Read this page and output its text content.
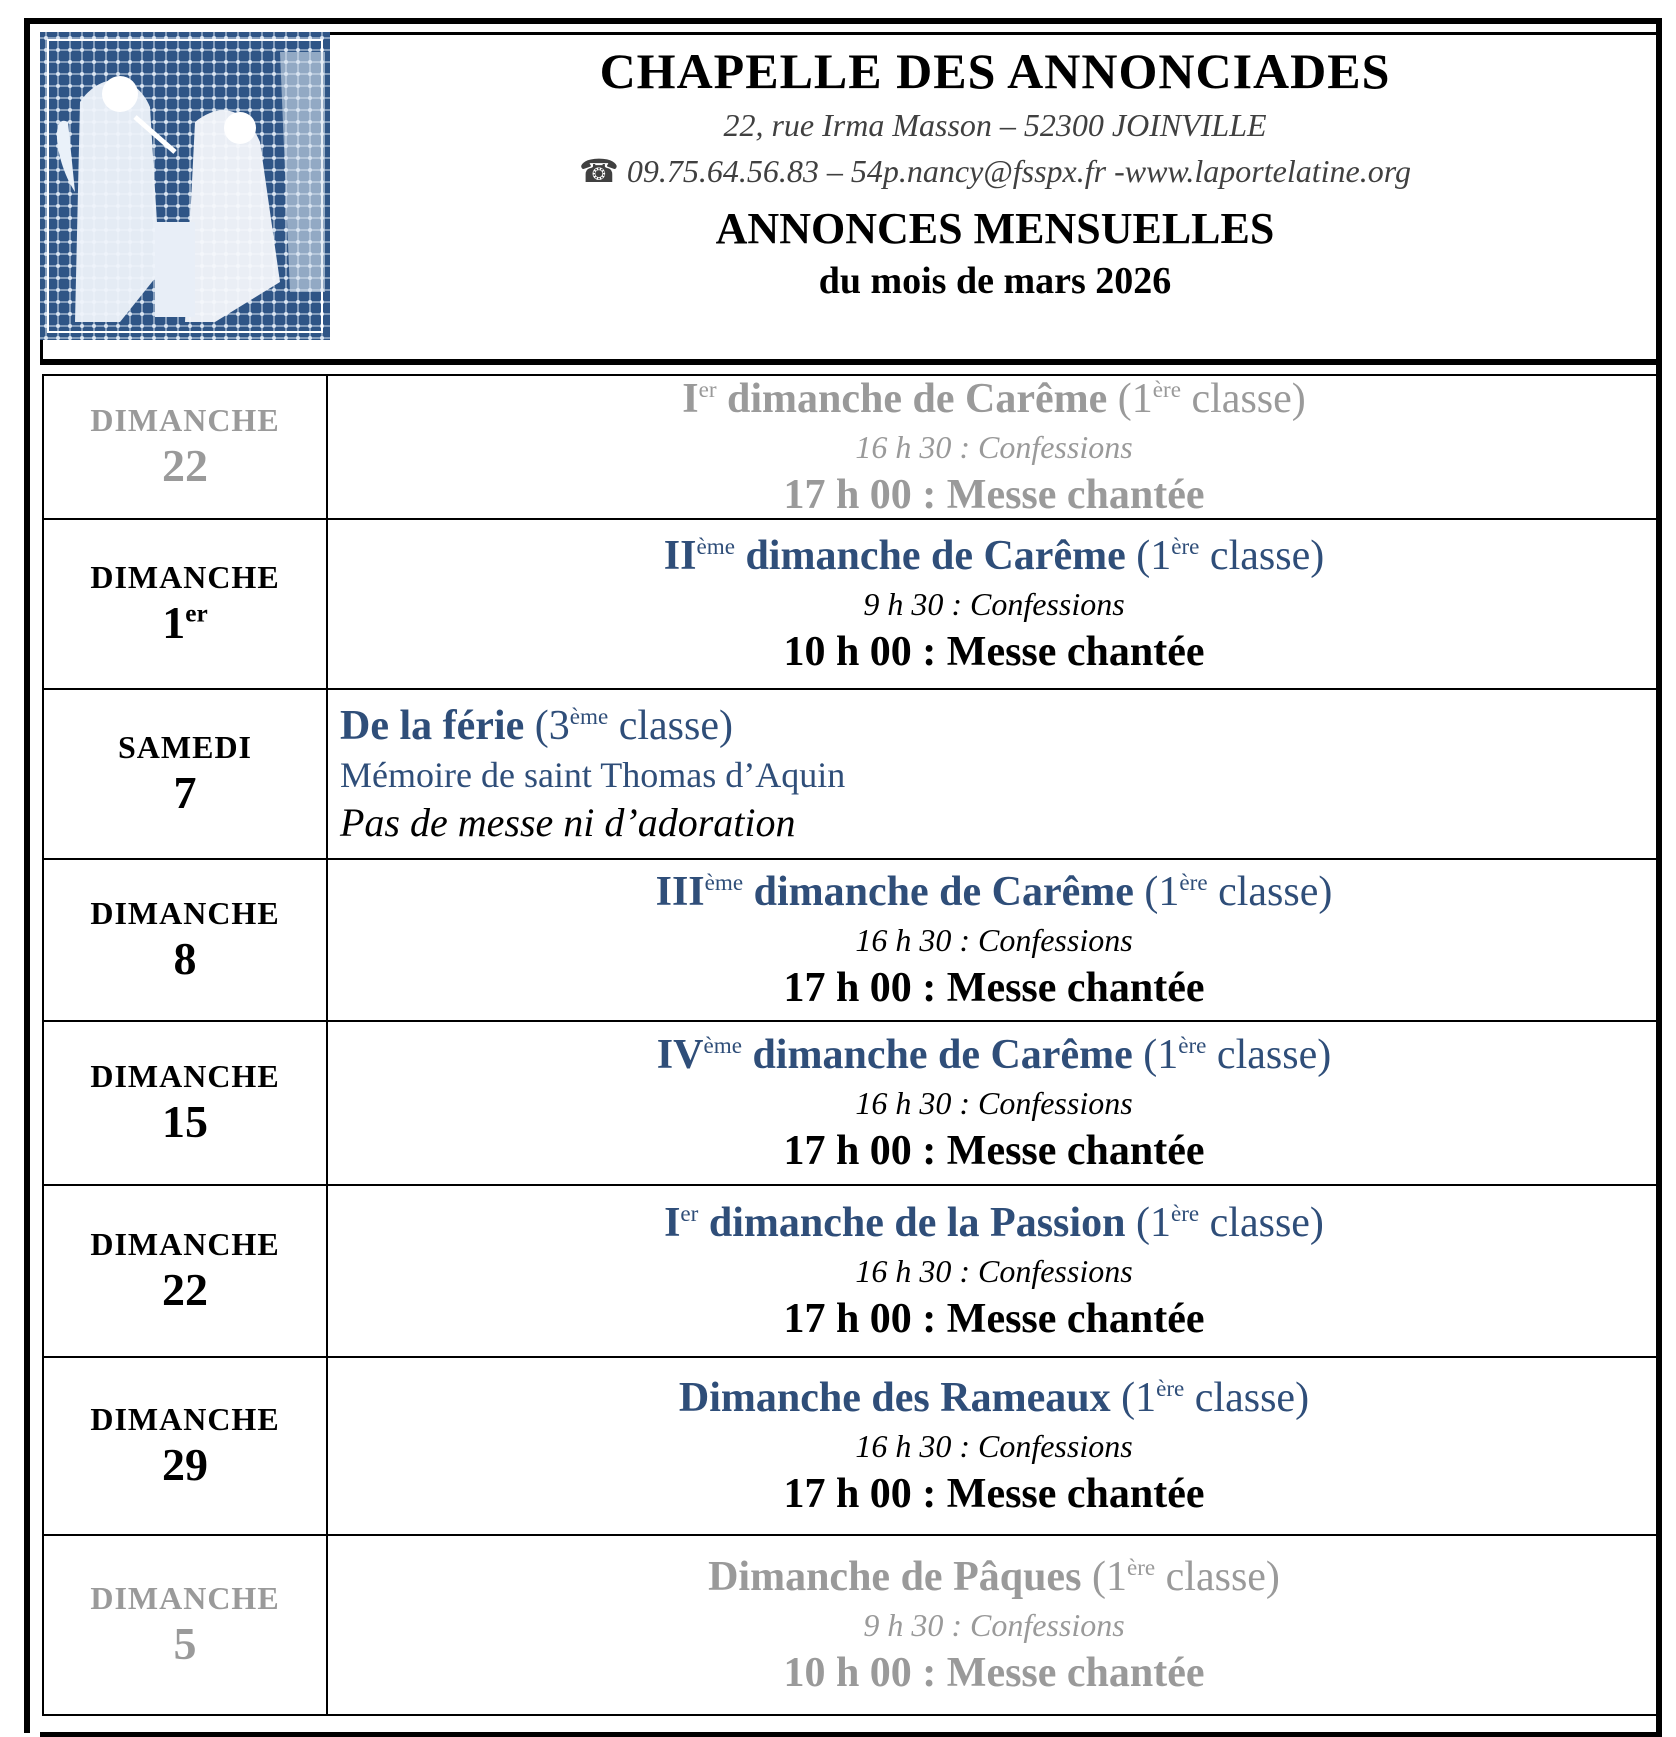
CHAPELLE DES ANNONCIADES
22, rue Irma Masson – 52300 JOINVILLE
☎ 09.75.64.56.83 – 54p.nancy@fsspx.fr -www.laportelatine.org
ANNONCES MENSUELLES
du mois de mars 2026
DIMANCHE
22
Ier dimanche de Carême (1ère classe)
16 h 30 : Confessions
17 h 00 : Messe chantée
DIMANCHE
1er
IIème dimanche de Carême (1ère classe)
9 h 30 : Confessions
10 h 00 : Messe chantée
SAMEDI
7
De la férie (3ème classe)
Mémoire de saint Thomas d’Aquin
Pas de messe ni d’adoration
DIMANCHE
8
IIIème dimanche de Carême (1ère classe)
16 h 30 : Confessions
17 h 00 : Messe chantée
DIMANCHE
15
IVème dimanche de Carême (1ère classe)
16 h 30 : Confessions
17 h 00 : Messe chantée
DIMANCHE
22
Ier dimanche de la Passion (1ère classe)
16 h 30 : Confessions
17 h 00 : Messe chantée
DIMANCHE
29
Dimanche des Rameaux (1ère classe)
16 h 30 : Confessions
17 h 00 : Messe chantée
DIMANCHE
5
Dimanche de Pâques (1ère classe)
9 h 30 : Confessions
10 h 00 : Messe chantée
